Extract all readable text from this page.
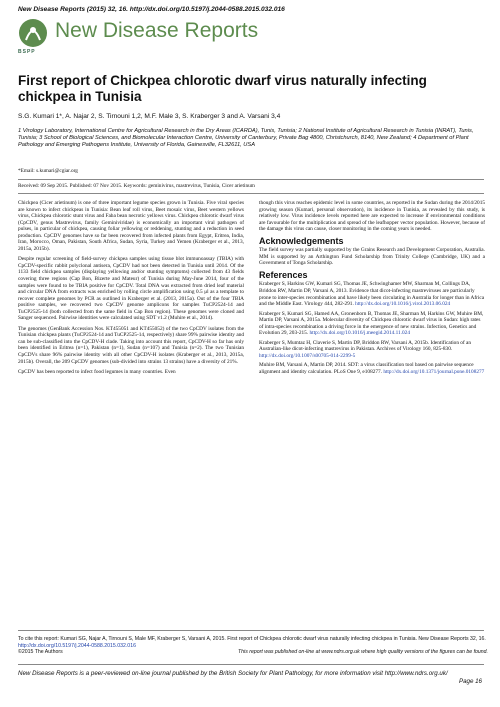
New Disease Reports (2015) 32, 16. http://dx.doi.org/10.5197/j.2044-0588.2015.032.016
BSPP
New Disease Reports
First report of Chickpea chlorotic dwarf virus naturally infecting chickpea in Tunisia
S.G. Kumari 1*, A. Najar 2, S. Tirnouni 1,2, M.F. Male 3, S. Kraberger 3 and A. Varsani 3,4
1 Virology Laboratory, International Centre for Agricultural Research in the Dry Areas (ICARDA), Tunis, Tunisia; 2 National Institute of Agricultural Research in Tunisia (INRAT), Tunis, Tunisia; 3 School of Biological Sciences, and Biomolecular Interaction Centre, University of Canterbury, Private Bag 4800, Christchurch, 8140, New Zealand; 4 Department of Plant Pathology and Emerging Pathogens Institute, University of Florida, Gainesville, FL32611, USA
*Email: s.kumari@cgiar.org
Received: 09 Sep 2015. Published: 07 Nov 2015. Keywords: geminivirus, mastrevirus, Tunisia, Cicer arietinum

Chickpea (Cicer arietinum) is one of three important legume species grown in Tunisia. Five viral species are known to infect chickpeas in Tunisia: Bean leaf roll virus, Beet mosaic virus, Beet western yellows virus, Chickpea chlorotic stunt virus and Faba bean necrotic yellows virus. Chickpea chlorotic dwarf virus (CpCDV, genus Mastrevirus, family Geminiviridae) is economically an important viral pathogen of pulses, in particular of chickpea, causing foliar yellowing or reddening, stunting and a reduction in seed production. CpCDV genomes have so far been recovered from infected plants from Egypt, Eritrea, India, Iran, Morocco, Oman, Pakistan, South Africa, Sudan, Syria, Turkey and Yemen (Kraberger et al., 2013, 2015a, 2015b).

Despite regular screening of field-survey chickpea samples using tissue blot immunoassay (TBIA) with CpCDV-specific rabbit polyclonal antisera, CpCDV had not been detected in Tunisia until 2014. Of the 1133 field chickpea samples (displaying yellowing and/or stunting symptoms) collected from 43 fields covering three regions (Cap Bon, Bizerte and Mateur) of Tunisia during May-June 2014, four of the samples were found to be TBIA positive for CpCDV. Total DNA was extracted from dried leaf material and circular DNA from extracts was enriched by rolling circle amplification using 0.5 μl as a template to recover complete genomes by PCR as outlined in Kraberger et al. (2013, 2015a). Out of the four TBIA positive samples, we recovered two CpCDV genome amplicons for samples TuCP2524-14 and TuCP2525-14 (both collected from the same field in Cap Bon region). These genomes were cloned and Sanger sequenced. Pairwise identities were calculated using SDT v1.2 (Muhire et al., 2014).

The genomes (GenBank Accession Nos. KT455051 and KT455052) of the two CpCDV isolates from the Tunisian chickpea plants (TuCP2524-14 and TuCP2525-14, respectively) share 99% pairwise identity and can be sub-classified into the CpCDV-H clade. Taking into account this report, CpCDV-H so far has only been identified in Eritrea (n=1), Pakistan (n=1), Sudan (n=107) and Tunisia (n=2). The two Tunisian CpCDVs share 96% pairwise identity with all other CpCDV-H isolates (Kraberger et al., 2013, 2015a, 2015b). Overall, the 209 CpCDV genomes (sub-divided into strains 13 strains) have a diversity of 21%.

CpCDV has been reported to infect food legumes in many countries. Even

though this virus reaches epidemic level in some countries, as reported in the Sudan during the 2014/2015 growing season (Kumari, personal observation), its incidence in Tunisia, as revealed by this study, is relatively low. Virus incidence levels reported here are expected to increase if environmental conditions are favourable for the multiplication and spread of the leafhopper vector population. However, because of the damage this virus can cause, closer monitoring in the coming years is needed.

Acknowledgements

The field survey was partially supported by the Grains Research and Development Corporation, Australia. MM is supported by an Arthington Fund Scholarship from Trinity College (Cambridge, UK) and a Government of Tonga Scholarship.

References

Kraberger S, Harkins GW, Kumari SG, Thomas JE, Schwinghamer MW, Sharman M, Collings DA, Briddon RW, Martin DP, Varsani A, 2013. Evidence that dicot-infecting mastreviruses are particularly prone to inter-species recombination and have likely been circulating in Australia for longer than in Africa and the Middle East. Virology 444, 282-291. http://dx.doi.org/10.1016/j.virol.2013.06.024

Kraberger S, Kumari SG, Hamed AA, Gronenborn B, Thomas JE, Sharman M, Harkins GW, Muhire BM, Martin DP, Varsani A, 2015a. Molecular diversity of Chickpea chlorotic dwarf virus in Sudan: high rates of intra-species recombination a driving force in the emergence of new strains. Infection, Genetics and Evolution 29, 203-215. http://dx.doi.org/10.1016/j.meegid.2014.11.024

Kraberger S, Mumtaz H, Claverie S, Martin DP, Briddon RW, Varsani A, 2015b. Identification of an Australian-like dicot-infecting mastrevirus in Pakistan. Archives of Virology 160, 825-830. http://dx.doi.org/10.1007/s00705-014-2299-5

Muhire BM, Varsani A, Martin DP, 2014. SDT: a virus classification tool based on pairwise sequence alignment and identity calculation. PLoS One 9, e108277. http://dx.doi.org/10.1371/journal.pone.0108277

To cite this report: Kumari SG, Najar A, Tirnouni S, Male MF, Kraberger S, Varsani A, 2015. First report of Chickpea chlorotic dwarf virus naturally infecting chickpea in Tunisia. New Disease Reports 32, 16. http://dx.doi.org/10.5197/j.2044-0588.2015.032.016
©2015 The Authors	This report was published on-line at www.ndrs.org.uk where high quality versions of the figures can be found.
New Disease Reports is a peer-reviewed on-line journal published by the British Society for Plant Pathology, for more information visit http://www.ndrs.org.uk/
Page 16
